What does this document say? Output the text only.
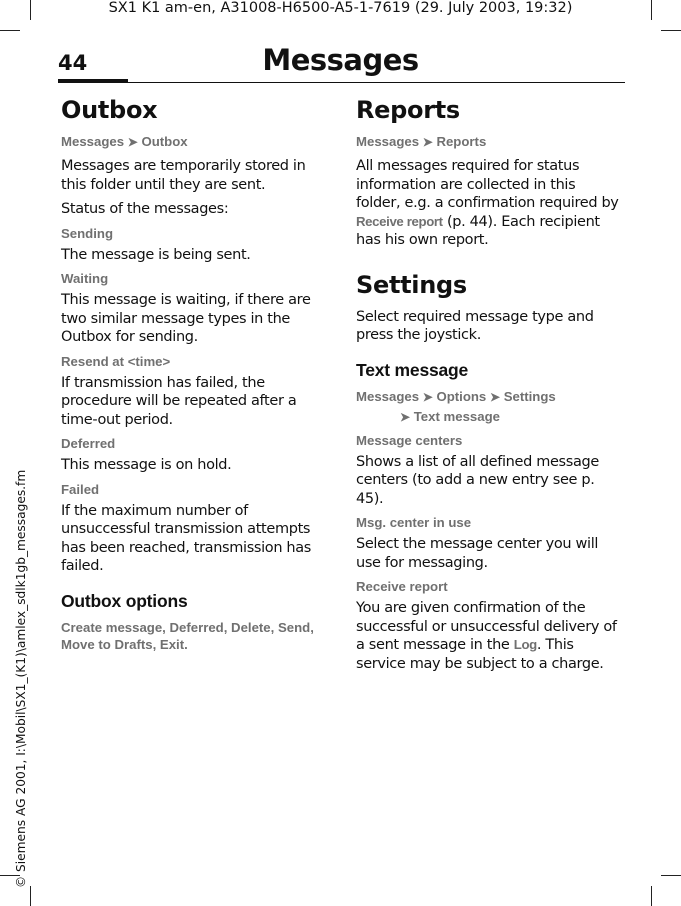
SX1 K1 am-en, A31008-H6500-A5-1-7619 (29. July 2003, 19:32)
© Siemens AG 2001, I:\Mobil\SX1_(K1)\amlex_sdlk1gb_messages.fm
44	Messages
Outbox
Messages ➤ Outbox

Messages are temporarily stored in this folder until they are sent.

Status of the messages:

Sending

The message is being sent.

Waiting

This message is waiting, if there are two similar message types in the Outbox for sending.

Resend at <time>

If transmission has failed, the procedure will be repeated after a time-out period.

Deferred

This message is on hold.

Failed

If the maximum number of unsuccessful transmission attempts has been reached, transmission has failed.

Outbox options
Create message, Deferred, Delete, Send, Move to Drafts, Exit.
Reports
Messages ➤ Reports

All messages required for status information are collected in this folder, e.g. a confirmation required by Receive report (p. 44). Each recipient has his own report.

Settings

Select required message type and press the joystick.

Text message
Messages ➤ Options ➤ Settings
➤ Text message
Message centers

Shows a list of all defined message centers (to add a new entry see p. 45).

Msg. center in use

Select the message center you will use for messaging.

Receive report

You are given confirmation of the successful or unsuccessful delivery of a sent message in the Log. This service may be subject to a charge.
